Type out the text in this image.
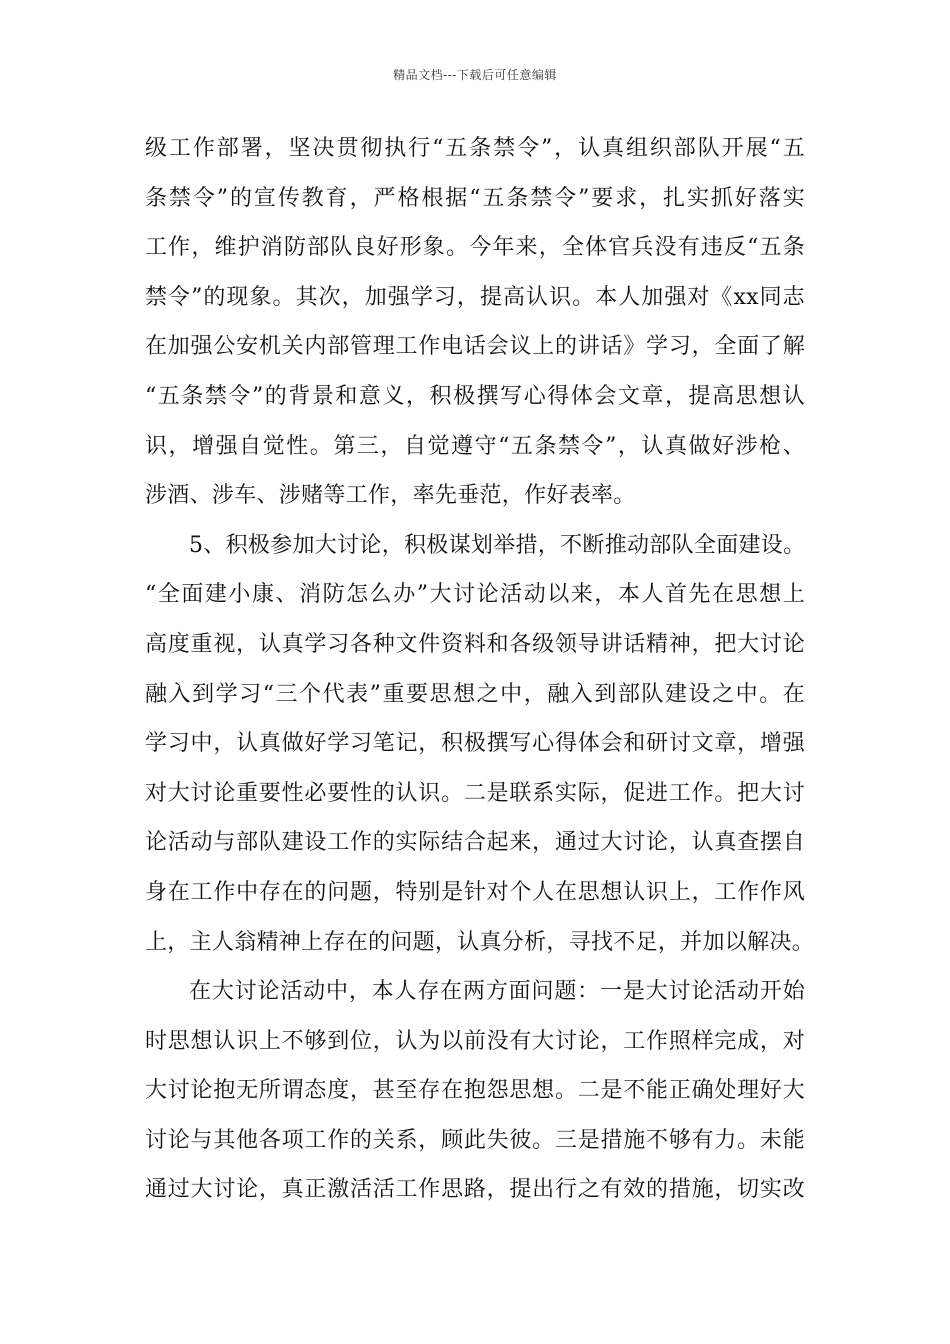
精品文档---下载后可任意编辑
级工作部署，坚决贯彻执行“五条禁令”，认真组织部队开展“五
条禁令”的宣传教育，严格根据“五条禁令”要求，扎实抓好落实
工作，维护消防部队良好形象。今年来，全体官兵没有违反“五条
禁令”的现象。其次，加强学习，提高认识。本人加强对《xx同志
在加强公安机关内部管理工作电话会议上的讲话》学习，全面了解
“五条禁令”的背景和意义，积极撰写心得体会文章，提高思想认
识，增强自觉性。第三，自觉遵守“五条禁令”，认真做好涉枪、
涉酒、涉车、涉赌等工作，率先垂范，作好表率。
5、积极参加大讨论，积极谋划举措，不断推动部队全面建设。
“全面建小康、消防怎么办”大讨论活动以来，本人首先在思想上
高度重视，认真学习各种文件资料和各级领导讲话精神，把大讨论
融入到学习“三个代表”重要思想之中，融入到部队建设之中。在
学习中，认真做好学习笔记，积极撰写心得体会和研讨文章，增强
对大讨论重要性必要性的认识。二是联系实际，促进工作。把大讨
论活动与部队建设工作的实际结合起来，通过大讨论，认真查摆自
身在工作中存在的问题，特别是针对个人在思想认识上，工作作风
上，主人翁精神上存在的问题，认真分析，寻找不足，并加以解决。
在大讨论活动中，本人存在两方面问题：一是大讨论活动开始
时思想认识上不够到位，认为以前没有大讨论，工作照样完成，对
大讨论抱无所谓态度，甚至存在抱怨思想。二是不能正确处理好大
讨论与其他各项工作的关系，顾此失彼。三是措施不够有力。未能
通过大讨论，真正激活活工作思路，提出行之有效的措施，切实改
